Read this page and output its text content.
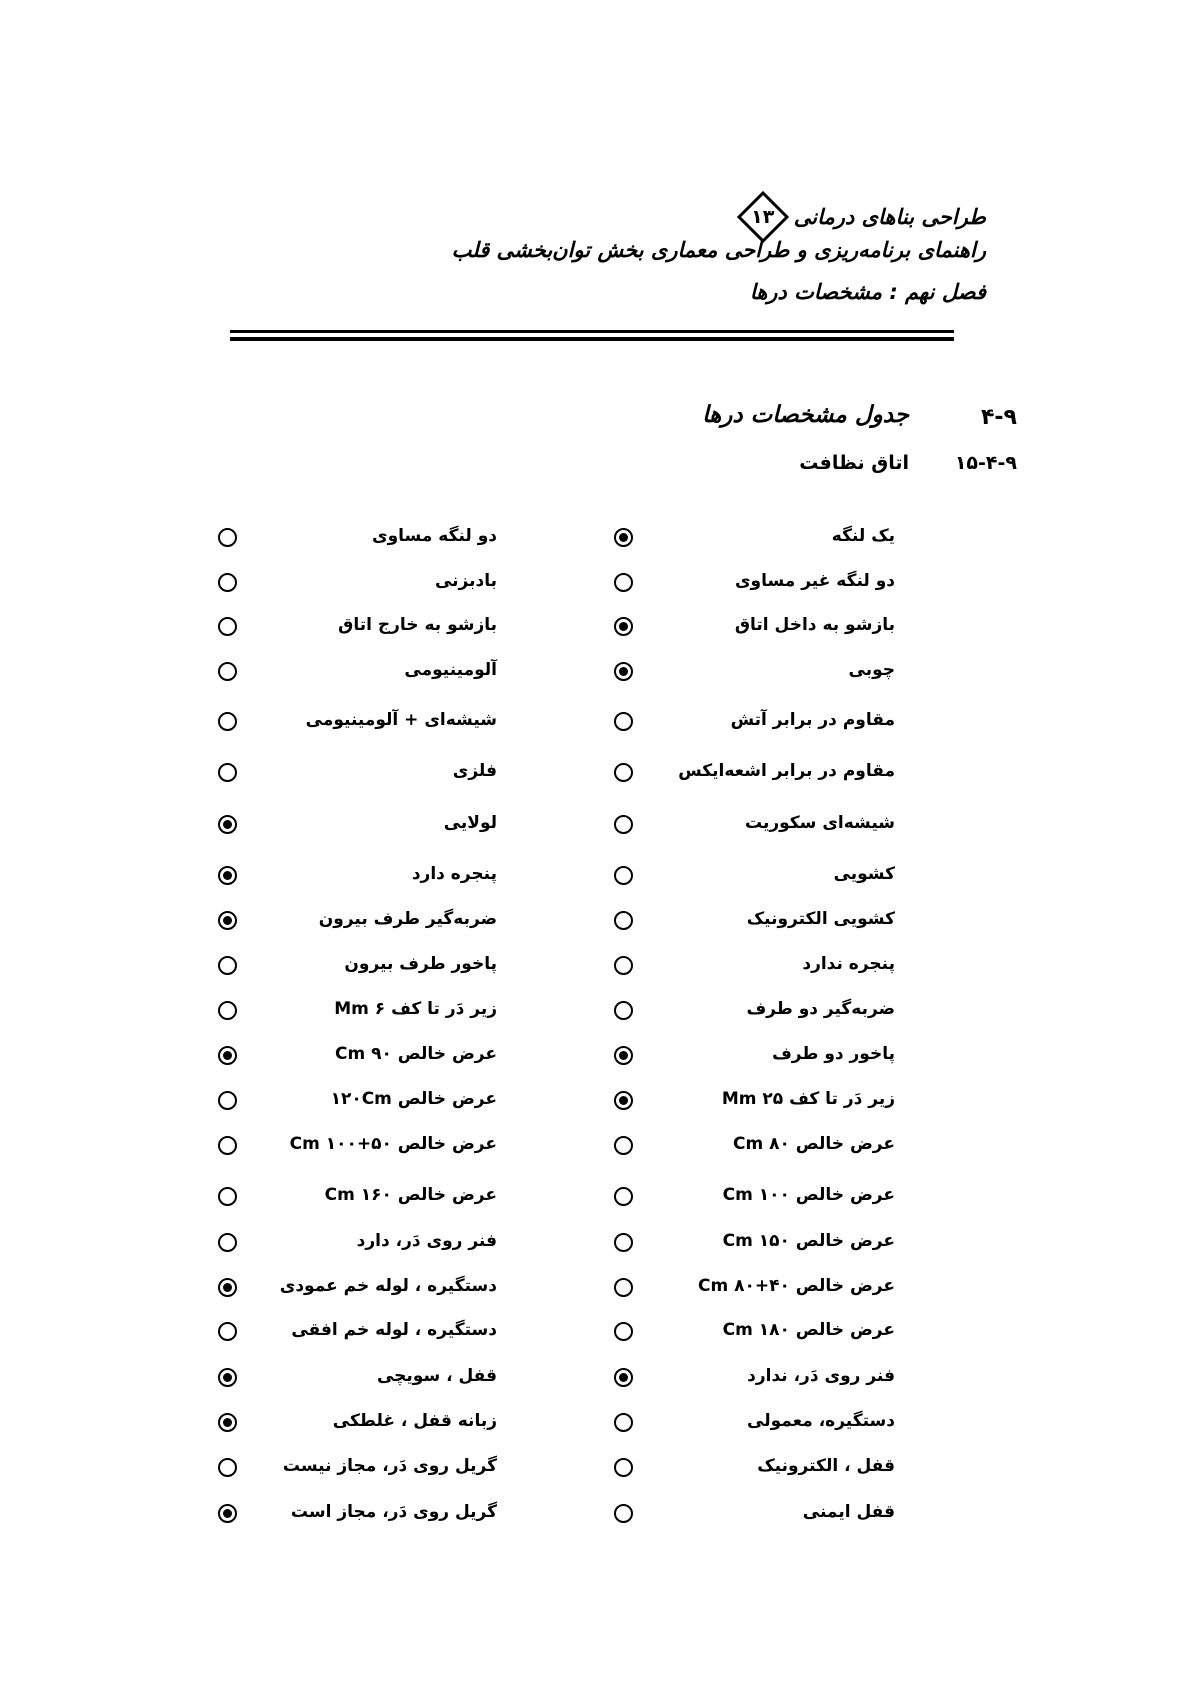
طراحی بناهای درمانی
۱۳
راهنمای برنامه‌ریزی و طراحی معماری بخش توان‌بخشی قلب
فصل نهم : مشخصات درها
۴-۹
جدول مشخصات درها
۱۵-۴-۹
اتاق نظافت
یک لنگه
دو لنگه مساوی
دو لنگه غیر مساوی
بادبزنی
بازشو به داخل اتاق
بازشو به خارج اتاق
چوبی
آلومینیومی
مقاوم در برابر آتش
شیشه‌ای + آلومینیومی
مقاوم در برابر اشعه‌ایکس
فلزی
شیشه‌ای سکوریت
لولایی
کشویی
پنجره دارد
کشویی الکترونیک
ضربه‌گیر طرف بیرون
پنجره ندارد
پاخور طرف بیرون
ضربه‌گیر دو طرف
زیر دَر تا کف ۶ Mm
پاخور دو طرف
عرض خالص ۹۰ Cm
زیر دَر تا کف ۲۵ Mm
عرض خالص ۱۲۰Cm
عرض خالص ۸۰ Cm
عرض خالص ۵۰+۱۰۰ Cm
عرض خالص ۱۰۰ Cm
عرض خالص ۱۶۰ Cm
عرض خالص ۱۵۰ Cm
فنر روی دَر، دارد
عرض خالص ۴۰+۸۰ Cm
دستگیره ، لوله خم عمودی
عرض خالص ۱۸۰ Cm
دستگیره ، لوله خم افقی
فنر روی دَر، ندارد
قفل ، سویچی
دستگیره، معمولی
زبانه قفل ، غلطکی
قفل ، الکترونیک
گریل روی دَر، مجاز نیست
قفل ایمنی
گریل روی دَر، مجاز است
